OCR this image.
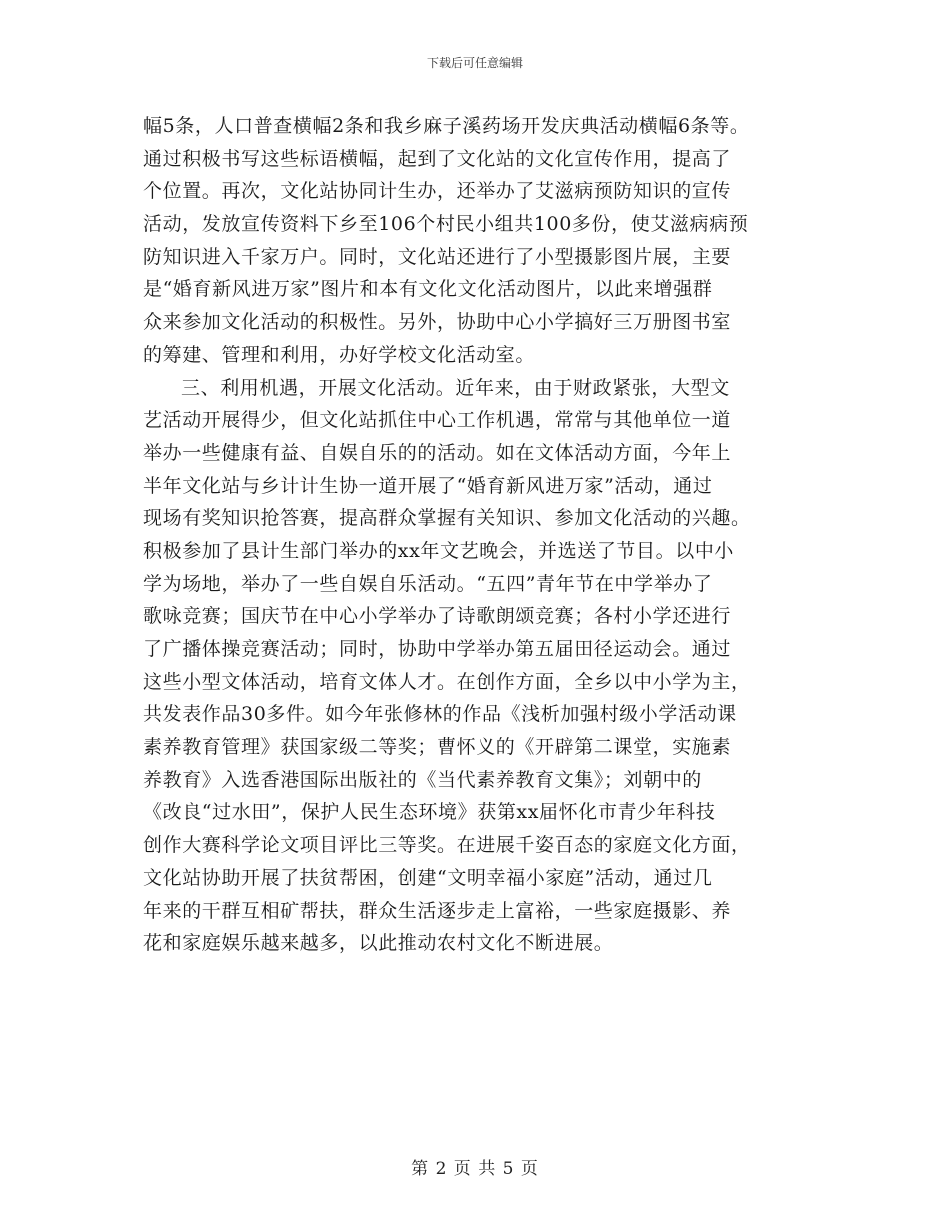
下载后可任意编辑
幅5条，人口普查横幅2条和我乡麻子溪药场开发庆典活动横幅6条等。
通过积极书写这些标语横幅，起到了文化站的文化宣传作用，提高了
个位置。再次，文化站协同计生办，还举办了艾滋病预防知识的宣传
活动，发放宣传资料下乡至106个村民小组共100多份，使艾滋病病预
防知识进入千家万户。同时，文化站还进行了小型摄影图片展，主要
是“婚育新风进万家”图片和本有文化文化活动图片，以此来增强群
众来参加文化活动的积极性。另外，协助中心小学搞好三万册图书室
的筹建、管理和利用，办好学校文化活动室。
三、利用机遇，开展文化活动。近年来，由于财政紧张，大型文
艺活动开展得少，但文化站抓住中心工作机遇，常常与其他单位一道
举办一些健康有益、自娱自乐的的活动。如在文体活动方面，今年上
半年文化站与乡计计生协一道开展了“婚育新风进万家”活动，通过
现场有奖知识抢答赛，提高群众掌握有关知识、参加文化活动的兴趣。
积极参加了县计生部门举办的xx年文艺晚会，并选送了节目。以中小
学为场地，举办了一些自娱自乐活动。“五四”青年节在中学举办了
歌咏竞赛；国庆节在中心小学举办了诗歌朗颂竞赛；各村小学还进行
了广播体操竞赛活动；同时，协助中学举办第五届田径运动会。通过
这些小型文体活动，培育文体人才。在创作方面，全乡以中小学为主，
共发表作品30多件。如今年张修林的作品《浅析加强村级小学活动课
素养教育管理》获国家级二等奖；曹怀义的《开辟第二课堂，实施素
养教育》入选香港国际出版社的《当代素养教育文集》；刘朝中的
《改良“过水田”，保护人民生态环境》获第xx届怀化市青少年科技
创作大赛科学论文项目评比三等奖。在进展千姿百态的家庭文化方面，
文化站协助开展了扶贫帮困，创建“文明幸福小家庭”活动，通过几
年来的干群互相矿帮扶，群众生活逐步走上富裕，一些家庭摄影、养
花和家庭娱乐越来越多，以此推动农村文化不断进展。
第 2 页 共 5 页
